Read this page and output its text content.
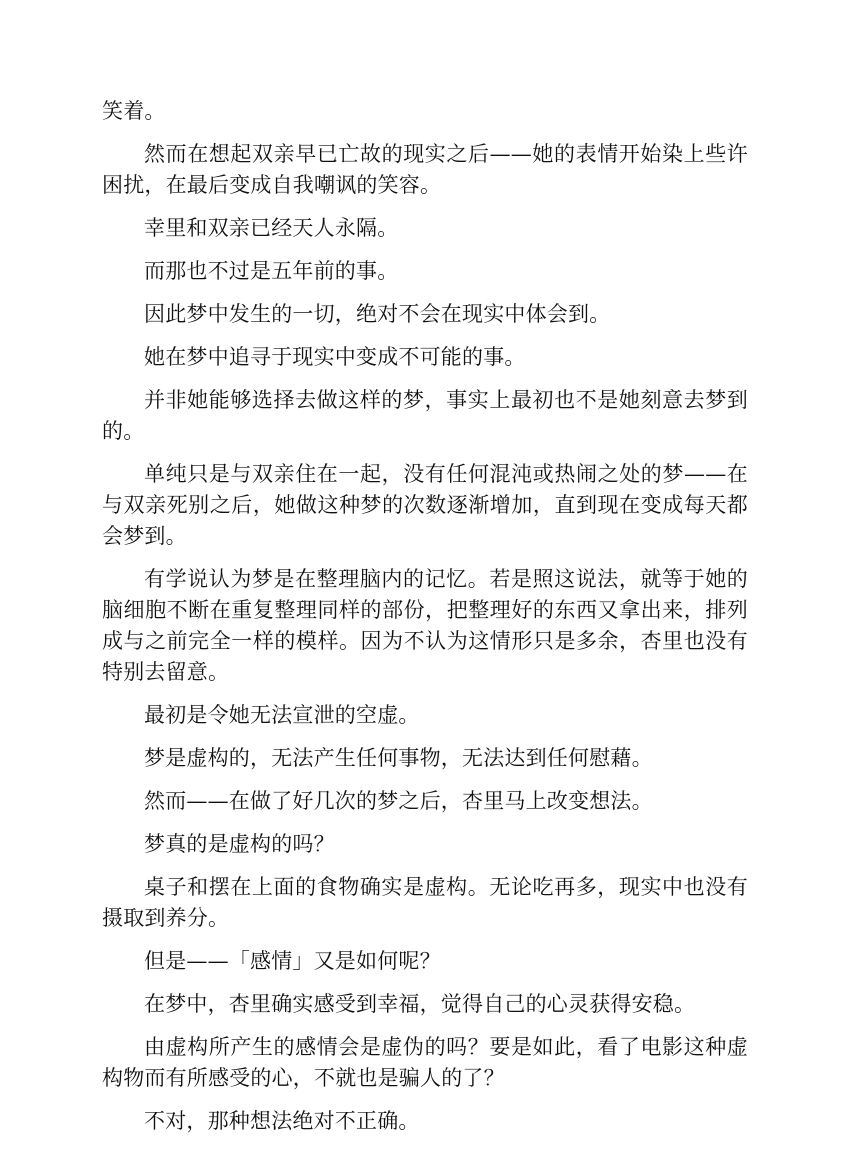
笑着。

然而在想起双亲早已亡故的现实之后——她的表情开始染上些许困扰，在最后变成自我嘲讽的笑容。

幸里和双亲已经天人永隔。

而那也不过是五年前的事。

因此梦中发生的一切，绝对不会在现实中体会到。

她在梦中追寻于现实中变成不可能的事。

并非她能够选择去做这样的梦，事实上最初也不是她刻意去梦到的。

单纯只是与双亲住在一起，没有任何混沌或热闹之处的梦——在与双亲死别之后，她做这种梦的次数逐渐增加，直到现在变成每天都会梦到。

有学说认为梦是在整理脑内的记忆。若是照这说法，就等于她的脑细胞不断在重复整理同样的部份，把整理好的东西又拿出来，排列成与之前完全一样的模样。因为不认为这情形只是多余，杏里也没有特别去留意。

最初是令她无法宣泄的空虚。

梦是虚构的，无法产生任何事物，无法达到任何慰藉。

然而——在做了好几次的梦之后，杏里马上改变想法。

梦真的是虚构的吗？

桌子和摆在上面的食物确实是虚构。无论吃再多，现实中也没有摄取到养分。

但是——「感情」又是如何呢？

在梦中，杏里确实感受到幸福，觉得自己的心灵获得安稳。

由虚构所产生的感情会是虚伪的吗？要是如此，看了电影这种虚构物而有所感受的心，不就也是骗人的了？

不对，那种想法绝对不正确。
